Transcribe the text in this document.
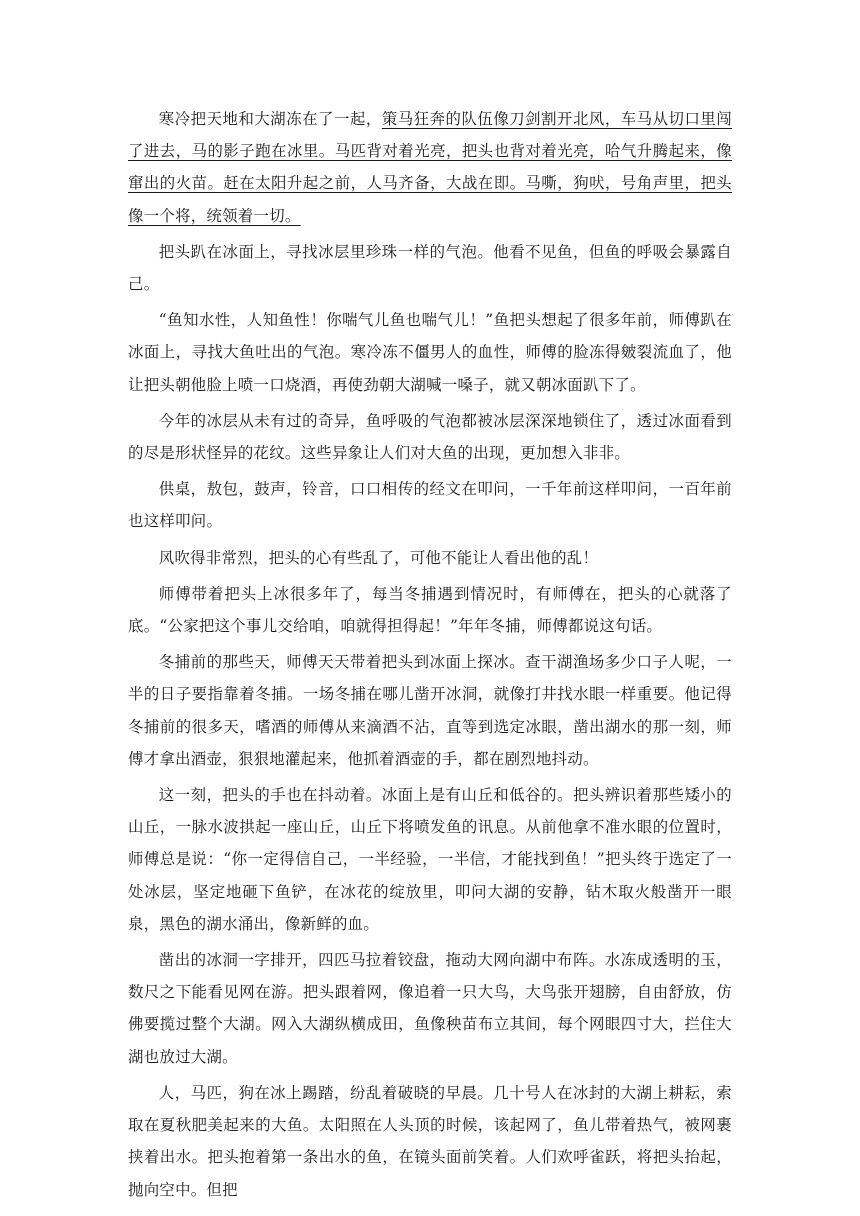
寒冷把天地和大湖冻在了一起，策马狂奔的队伍像刀剑割开北风，车马从切口里闯了进去，马的影子跑在冰里。马匹背对着光亮，把头也背对着光亮，哈气升腾起来，像窜出的火苗。赶在太阳升起之前，人马齐备，大战在即。马嘶，狗吠，号角声里，把头像一个将，统领着一切。

把头趴在冰面上，寻找冰层里珍珠一样的气泡。他看不见鱼，但鱼的呼吸会暴露自己。

“鱼知水性，人知鱼性！你喘气儿鱼也喘气儿！”鱼把头想起了很多年前，师傅趴在冰面上，寻找大鱼吐出的气泡。寒冷冻不僵男人的血性，师傅的脸冻得皴裂流血了，他让把头朝他脸上喷一口烧酒，再使劲朝大湖喊一嗓子，就又朝冰面趴下了。

今年的冰层从未有过的奇异，鱼呼吸的气泡都被冰层深深地锁住了，透过冰面看到的尽是形状怪异的花纹。这些异象让人们对大鱼的出现，更加想入非非。

供桌，敖包，鼓声，铃音，口口相传的经文在叩问，一千年前这样叩问，一百年前也这样叩问。

风吹得非常烈，把头的心有些乱了，可他不能让人看出他的乱！

师傅带着把头上冰很多年了，每当冬捕遇到情况时，有师傅在，把头的心就落了底。“公家把这个事儿交给咱，咱就得担得起！”年年冬捕，师傅都说这句话。

冬捕前的那些天，师傅天天带着把头到冰面上探冰。查干湖渔场多少口子人呢，一半的日子要指靠着冬捕。一场冬捕在哪儿凿开冰洞，就像打井找水眼一样重要。他记得冬捕前的很多天，嗜酒的师傅从来滴酒不沾，直等到选定冰眼，凿出湖水的那一刻，师傅才拿出酒壶，狠狠地灌起来，他抓着酒壶的手，都在剧烈地抖动。

这一刻，把头的手也在抖动着。冰面上是有山丘和低谷的。把头辨识着那些矮小的山丘，一脉水波拱起一座山丘，山丘下将喷发鱼的讯息。从前他拿不准水眼的位置时，师傅总是说：“你一定得信自己，一半经验，一半信，才能找到鱼！”把头终于选定了一处冰层，坚定地砸下鱼铲，在冰花的绽放里，叩问大湖的安静，钻木取火般凿开一眼泉，黑色的湖水涌出，像新鲜的血。

凿出的冰洞一字排开，四匹马拉着铰盘，拖动大网向湖中布阵。水冻成透明的玉，数尺之下能看见网在游。把头跟着网，像追着一只大鸟，大鸟张开翅膀，自由舒放，仿佛要揽过整个大湖。网入大湖纵横成田，鱼像秧苗布立其间，每个网眼四寸大，拦住大湖也放过大湖。

人，马匹，狗在冰上踢踏，纷乱着破晓的早晨。几十号人在冰封的大湖上耕耘，索取在夏秋肥美起来的大鱼。太阳照在人头顶的时候，该起网了，鱼儿带着热气，被网裹挟着出水。把头抱着第一条出水的鱼，在镜头面前笑着。人们欢呼雀跃，将把头抬起，抛向空中。但把
